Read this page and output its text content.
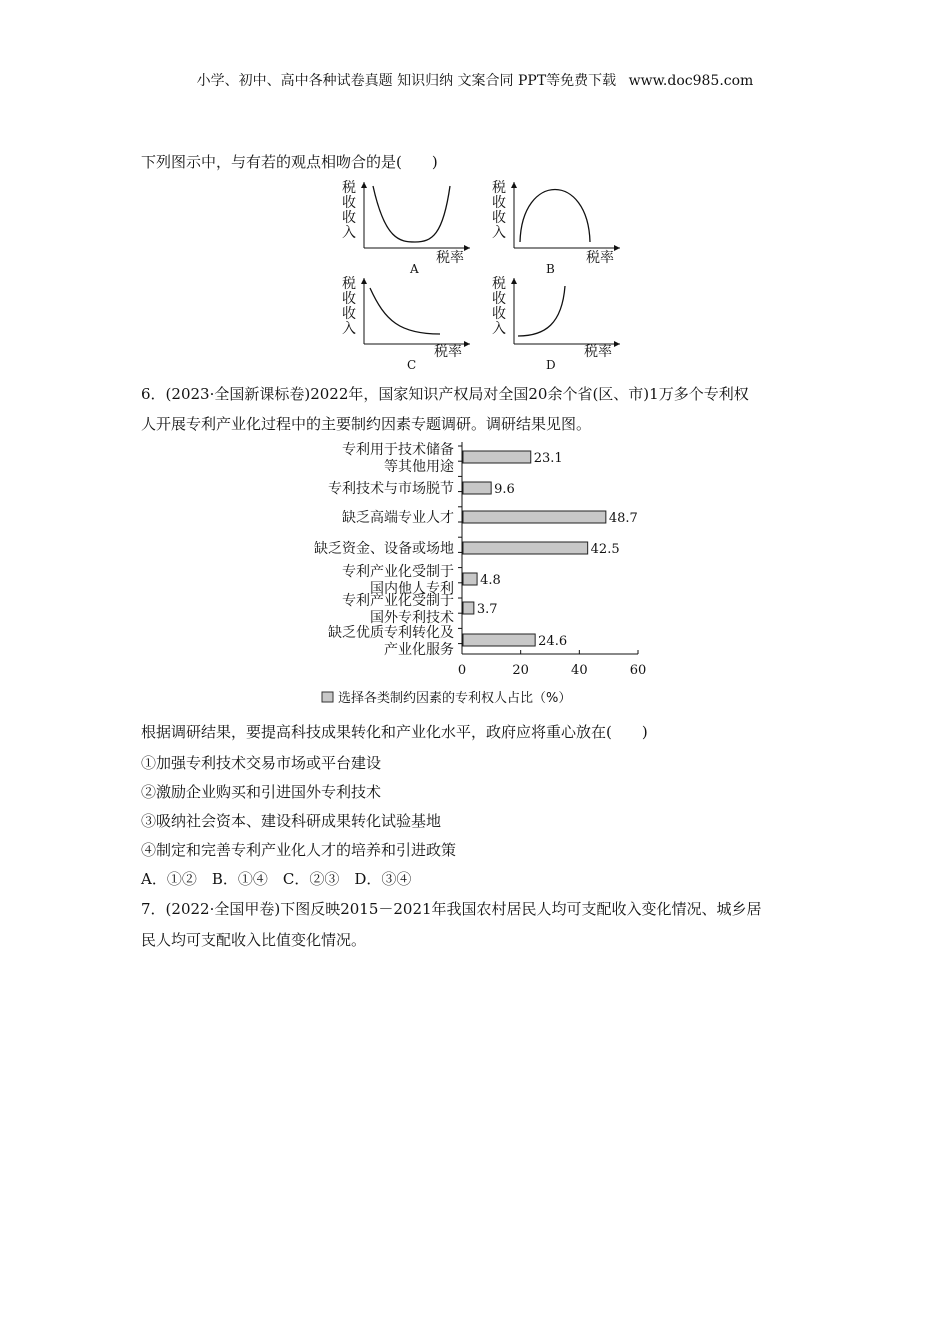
小学、初中、高中各种试卷真题 知识归纳 文案合同 PPT等免费下载 www.doc985.com
下列图示中，与有若的观点相吻合的是(　　)
税
收
收
入
税率
A
税
收
收
入
税率
B
税
收
收
入
税率
C
税
收
收
入
税率
D
6．(2023·全国新课标卷)2022年，国家知识产权局对全国20余个省(区、市)1万多个专利权
人开展专利产业化过程中的主要制约因素专题调研。调研结果见图。
0	20	40	60
23.1
专利用于技术储备
等其他用途
9.6
专利技术与市场脱节
48.7
缺乏高端专业人才
42.5
缺乏资金、设备或场地
4.8
专利产业化受制于
国内他人专利
3.7
专利产业化受制于
国外专利技术
24.6
缺乏优质专利转化及
产业化服务
选择各类制约因素的专利权人占比（%）
根据调研结果，要提高科技成果转化和产业化水平，政府应将重心放在(　　)
①加强专利技术交易市场或平台建设
②激励企业购买和引进国外专利技术
③吸纳社会资本、建设科研成果转化试验基地
④制定和完善专利产业化人才的培养和引进政策
A．①②　B．①④　C．②③　D．③④
7．(2022·全国甲卷)下图反映2015－2021年我国农村居民人均可支配收入变化情况、城乡居
民人均可支配收入比值变化情况。
